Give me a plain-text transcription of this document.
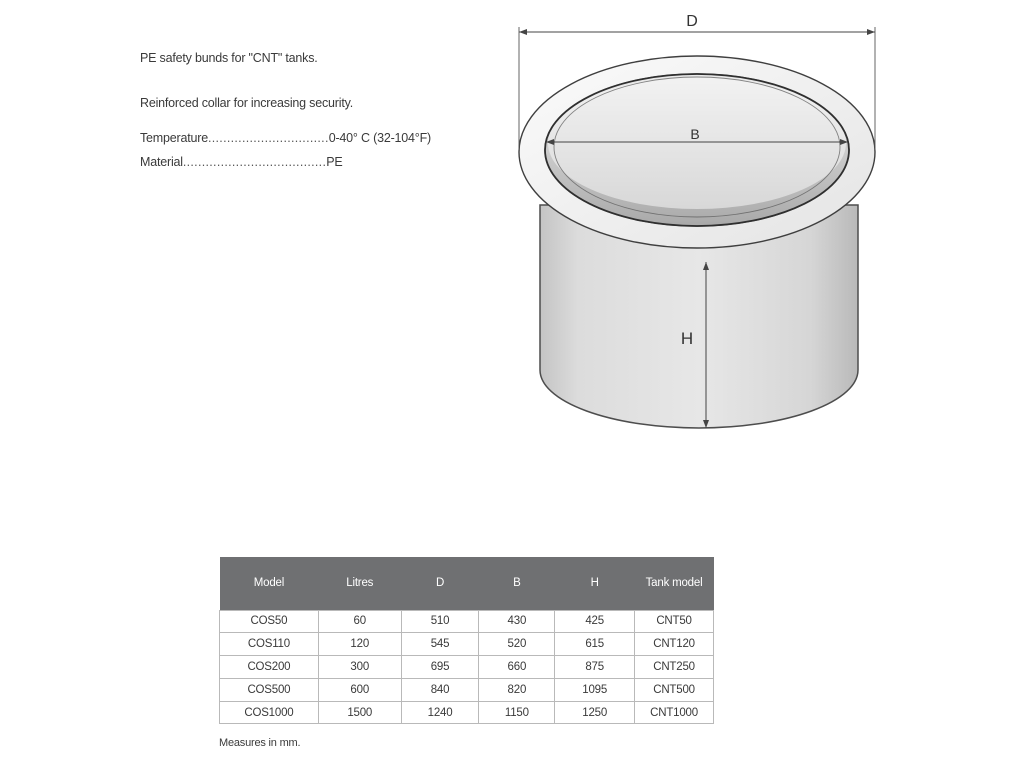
PE safety bunds for "CNT" tanks.

Reinforced collar for increasing security.

Temperature................................0-40° C (32-104°F)
Material......................................PE
D
B
H
Model	Litres	D	B	H	Tank model
COS50	60	510	430	425	CNT50
COS110	120	545	520	615	CNT120
COS200	300	695	660	875	CNT250
COS500	600	840	820	1095	CNT500
COS1000	1500	1240	1150	1250	CNT1000

Measures in mm.
